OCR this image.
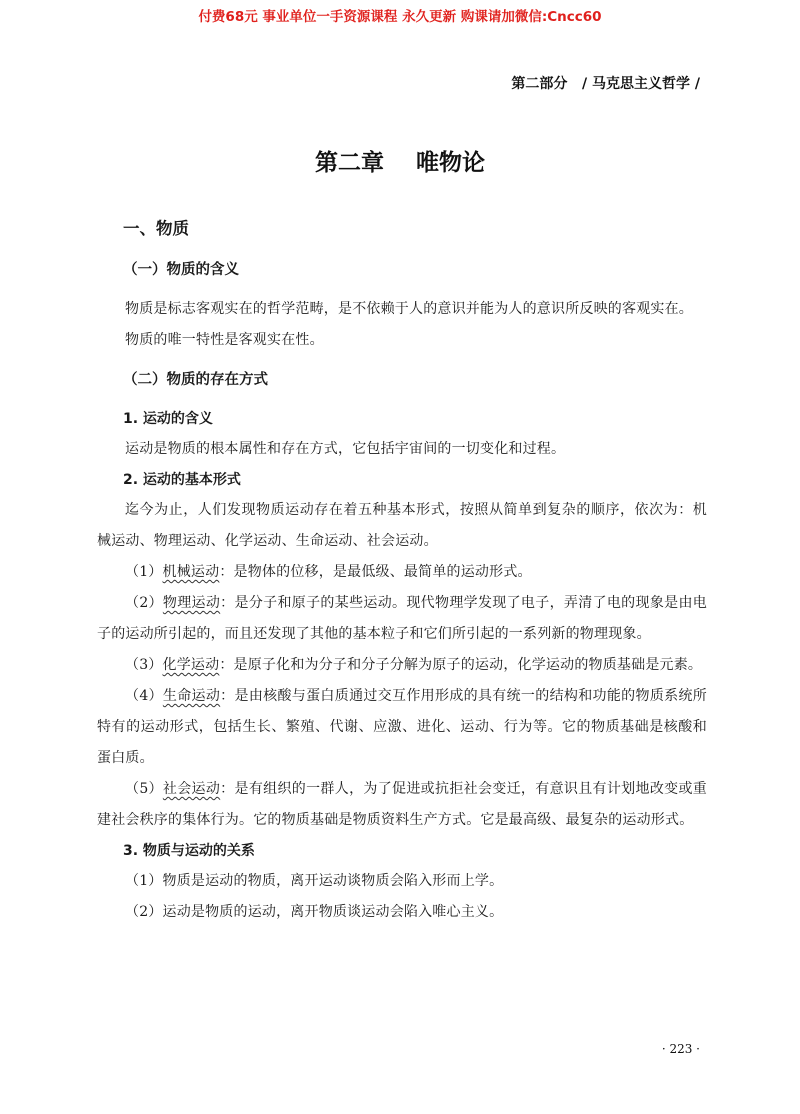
付费68元 事业单位一手资源课程 永久更新 购课请加微信:Cncc60
第二部分   / 马克思主义哲学 /
第二章    唯物论
一、物质
（一）物质的含义

物质是标志客观实在的哲学范畴，是不依赖于人的意识并能为人的意识所反映的客观实在。

物质的唯一特性是客观实在性。

（二）物质的存在方式
1. 运动的含义

运动是物质的根本属性和存在方式，它包括宇宙间的一切变化和过程。

2. 运动的基本形式

迄今为止，人们发现物质运动存在着五种基本形式，按照从简单到复杂的顺序，依次为：机械运动、物理运动、化学运动、生命运动、社会运动。

（1）机械运动：是物体的位移，是最低级、最简单的运动形式。

（2）物理运动：是分子和原子的某些运动。现代物理学发现了电子，弄清了电的现象是由电子的运动所引起的，而且还发现了其他的基本粒子和它们所引起的一系列新的物理现象。

（3）化学运动：是原子化和为分子和分子分解为原子的运动，化学运动的物质基础是元素。

（4）生命运动：是由核酸与蛋白质通过交互作用形成的具有统一的结构和功能的物质系统所特有的运动形式，包括生长、繁殖、代谢、应激、进化、运动、行为等。它的物质基础是核酸和蛋白质。

（5）社会运动：是有组织的一群人，为了促进或抗拒社会变迁，有意识且有计划地改变或重建社会秩序的集体行为。它的物质基础是物质资料生产方式。它是最高级、最复杂的运动形式。

3. 物质与运动的关系

（1）物质是运动的物质，离开运动谈物质会陷入形而上学。

（2）运动是物质的运动，离开物质谈运动会陷入唯心主义。

· 223 ·
